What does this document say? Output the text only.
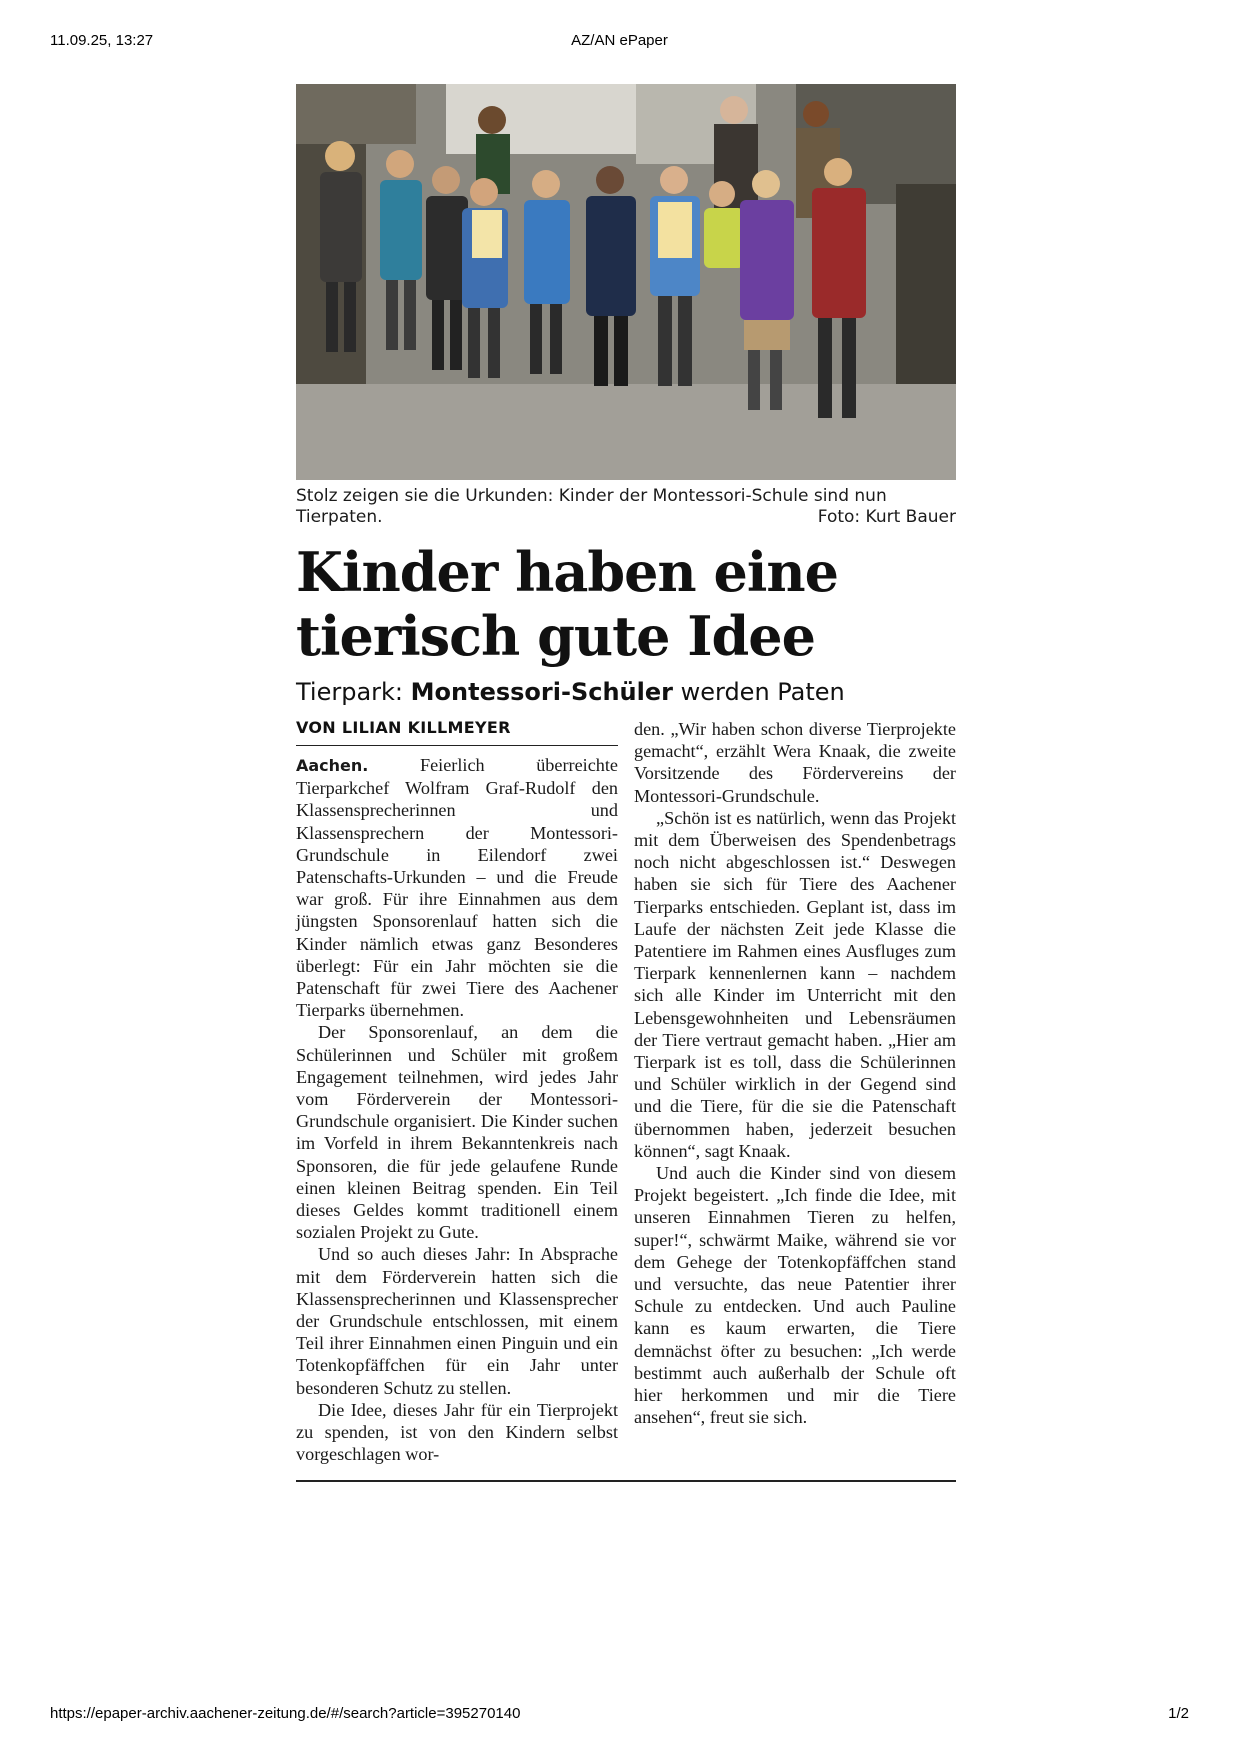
11.09.25, 13:27	AZ/AN ePaper
Stolz zeigen sie die Urkunden: Kinder der Montessori-Schule sind nun Tierpaten.	Foto: Kurt Bauer
Kinder haben eine
tierisch gute Idee
Tierpark: Montessori-Schüler werden Paten
VON LILIAN KILLMEYER

Aachen. Feierlich überreichte Tierparkchef Wolfram Graf-Rudolf den Klassensprecherinnen und Klassensprechern der Montessori-Grundschule in Eilendorf zwei Patenschafts-Urkunden – und die Freude war groß. Für ihre Einnahmen aus dem jüngsten Sponsorenlauf hatten sich die Kinder nämlich etwas ganz Besonderes überlegt: Für ein Jahr möchten sie die Patenschaft für zwei Tiere des Aachener Tierparks übernehmen.

Der Sponsorenlauf, an dem die Schülerinnen und Schüler mit großem Engagement teilnehmen, wird jedes Jahr vom Förderverein der Montessori-Grundschule organisiert. Die Kinder suchen im Vorfeld in ihrem Bekanntenkreis nach Sponsoren, die für jede gelaufene Runde einen kleinen Beitrag spenden. Ein Teil dieses Geldes kommt traditionell einem sozialen Projekt zu Gute.

Und so auch dieses Jahr: In Absprache mit dem Förderverein hatten sich die Klassensprecherinnen und Klassensprecher der Grundschule entschlossen, mit einem Teil ihrer Einnahmen einen Pinguin und ein Totenkopfäffchen für ein Jahr unter besonderen Schutz zu stellen.

Die Idee, dieses Jahr für ein Tierprojekt zu spenden, ist von den Kindern selbst vorgeschlagen wor-

den. „Wir haben schon diverse Tierprojekte gemacht“, erzählt Wera Knaak, die zweite Vorsitzende des Fördervereins der Montessori-Grundschule.

„Schön ist es natürlich, wenn das Projekt mit dem Überweisen des Spendenbetrags noch nicht abgeschlossen ist.“ Deswegen haben sie sich für Tiere des Aachener Tierparks entschieden. Geplant ist, dass im Laufe der nächsten Zeit jede Klasse die Patentiere im Rahmen eines Ausfluges zum Tierpark kennenlernen kann – nachdem sich alle Kinder im Unterricht mit den Lebensgewohnheiten und Lebensräumen der Tiere vertraut gemacht haben. „Hier am Tierpark ist es toll, dass die Schülerinnen und Schüler wirklich in der Gegend sind und die Tiere, für die sie die Patenschaft übernommen haben, jederzeit besuchen können“, sagt Knaak.

Und auch die Kinder sind von diesem Projekt begeistert. „Ich finde die Idee, mit unseren Einnahmen Tieren zu helfen, super!“, schwärmt Maike, während sie vor dem Gehege der Totenkopfäffchen stand und versuchte, das neue Patentier ihrer Schule zu entdecken. Und auch Pauline kann es kaum erwarten, die Tiere demnächst öfter zu besuchen: „Ich werde bestimmt auch außerhalb der Schule oft hier herkommen und mir die Tiere ansehen“, freut sie sich.

https://epaper-archiv.aachener-zeitung.de/#/search?article=395270140	1/2
